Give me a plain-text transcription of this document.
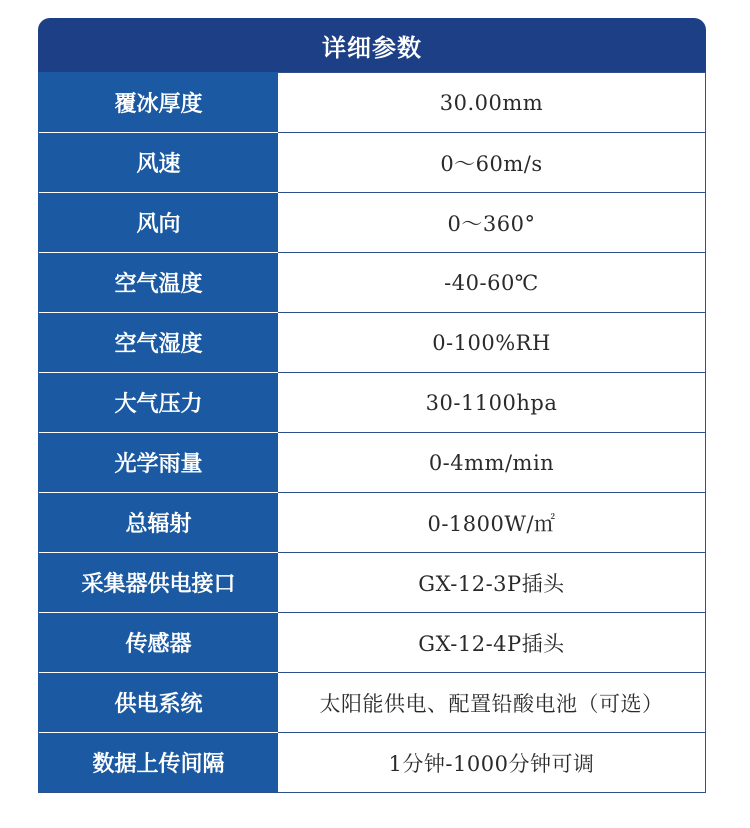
详细参数
覆冰厚度	30.00mm
风速	0～60m/s
风向	0～360°
空气温度	-40-60℃
空气湿度	0-100%RH
大气压力	30-1100hpa
光学雨量	0-4mm/min
总辐射	0-1800W/㎡
采集器供电接口	GX-12-3P插头
传感器	GX-12-4P插头
供电系统	太阳能供电、配置铅酸电池（可选）
数据上传间隔	1分钟-1000分钟可调
